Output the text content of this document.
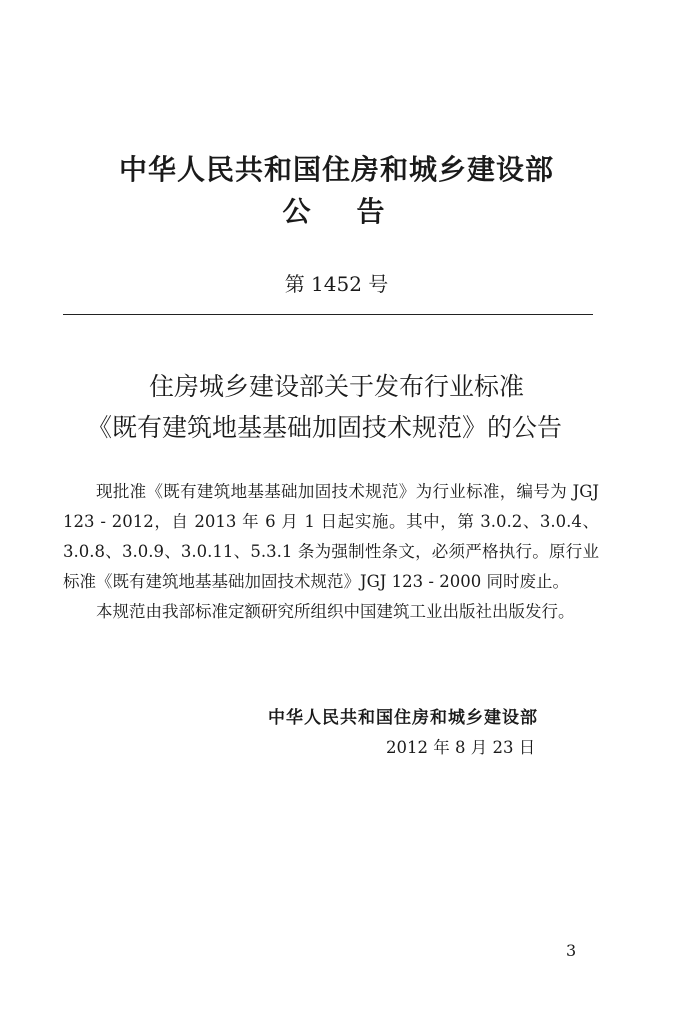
中华人民共和国住房和城乡建设部
公告
第 1452 号
住房城乡建设部关于发布行业标准
《既有建筑地基基础加固技术规范》的公告

现批准《既有建筑地基基础加固技术规范》为行业标准，编号为 JGJ 123 - 2012，自 2013 年 6 月 1 日起实施。其中，第 3.0.2、3.0.4、3.0.8、3.0.9、3.0.11、5.3.1 条为强制性条文，必须严格执行。原行业标准《既有建筑地基基础加固技术规范》JGJ 123 - 2000 同时废止。

本规范由我部标准定额研究所组织中国建筑工业出版社出版发行。

中华人民共和国住房和城乡建设部
2012 年 8 月 23 日
3
